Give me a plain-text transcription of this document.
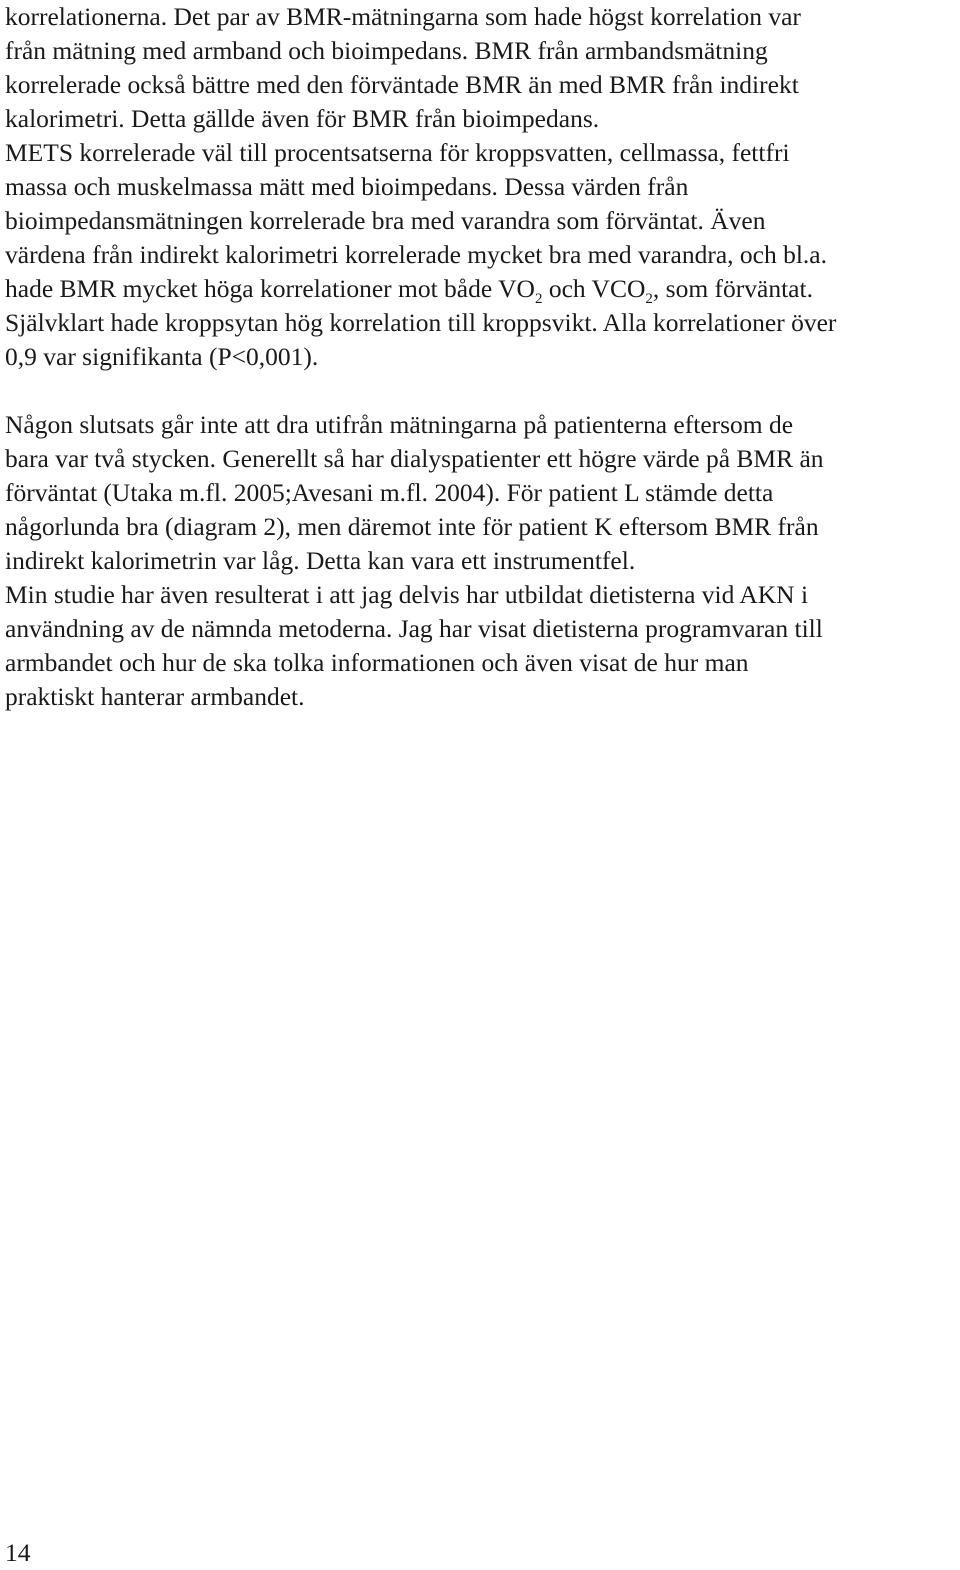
korrelationerna. Det par av BMR-mätningarna som hade högst korrelation var
från mätning med armband och bioimpedans. BMR från armbandsmätning
korrelerade också bättre med den förväntade BMR än med BMR från indirekt
kalorimetri. Detta gällde även för BMR från bioimpedans.
METS korrelerade väl till procentsatserna för kroppsvatten, cellmassa, fettfri
massa och muskelmassa mätt med bioimpedans. Dessa värden från
bioimpedansmätningen korrelerade bra med varandra som förväntat. Även
värdena från indirekt kalorimetri korrelerade mycket bra med varandra, och bl.a.
hade BMR mycket höga korrelationer mot både $VO_2$ och $VCO_2$, som förväntat.
Självklart hade kroppsytan hög korrelation till kroppsvikt. Alla korrelationer över
0,9 var signifikanta (P<0,001).

Någon slutsats går inte att dra utifrån mätningarna på patienterna eftersom de
bara var två stycken. Generellt så har dialyspatienter ett högre värde på BMR än
förväntat (Utaka m.fl. 2005;Avesani m.fl. 2004). För patient L stämde detta
någorlunda bra (diagram 2), men däremot inte för patient K eftersom BMR från
indirekt kalorimetrin var låg. Detta kan vara ett instrumentfel.
Min studie har även resulterat i att jag delvis har utbildat dietisterna vid AKN i
användning av de nämnda metoderna. Jag har visat dietisterna programvaran till
armbandet och hur de ska tolka informationen och även visat de hur man
praktiskt hanterar armbandet.

14
